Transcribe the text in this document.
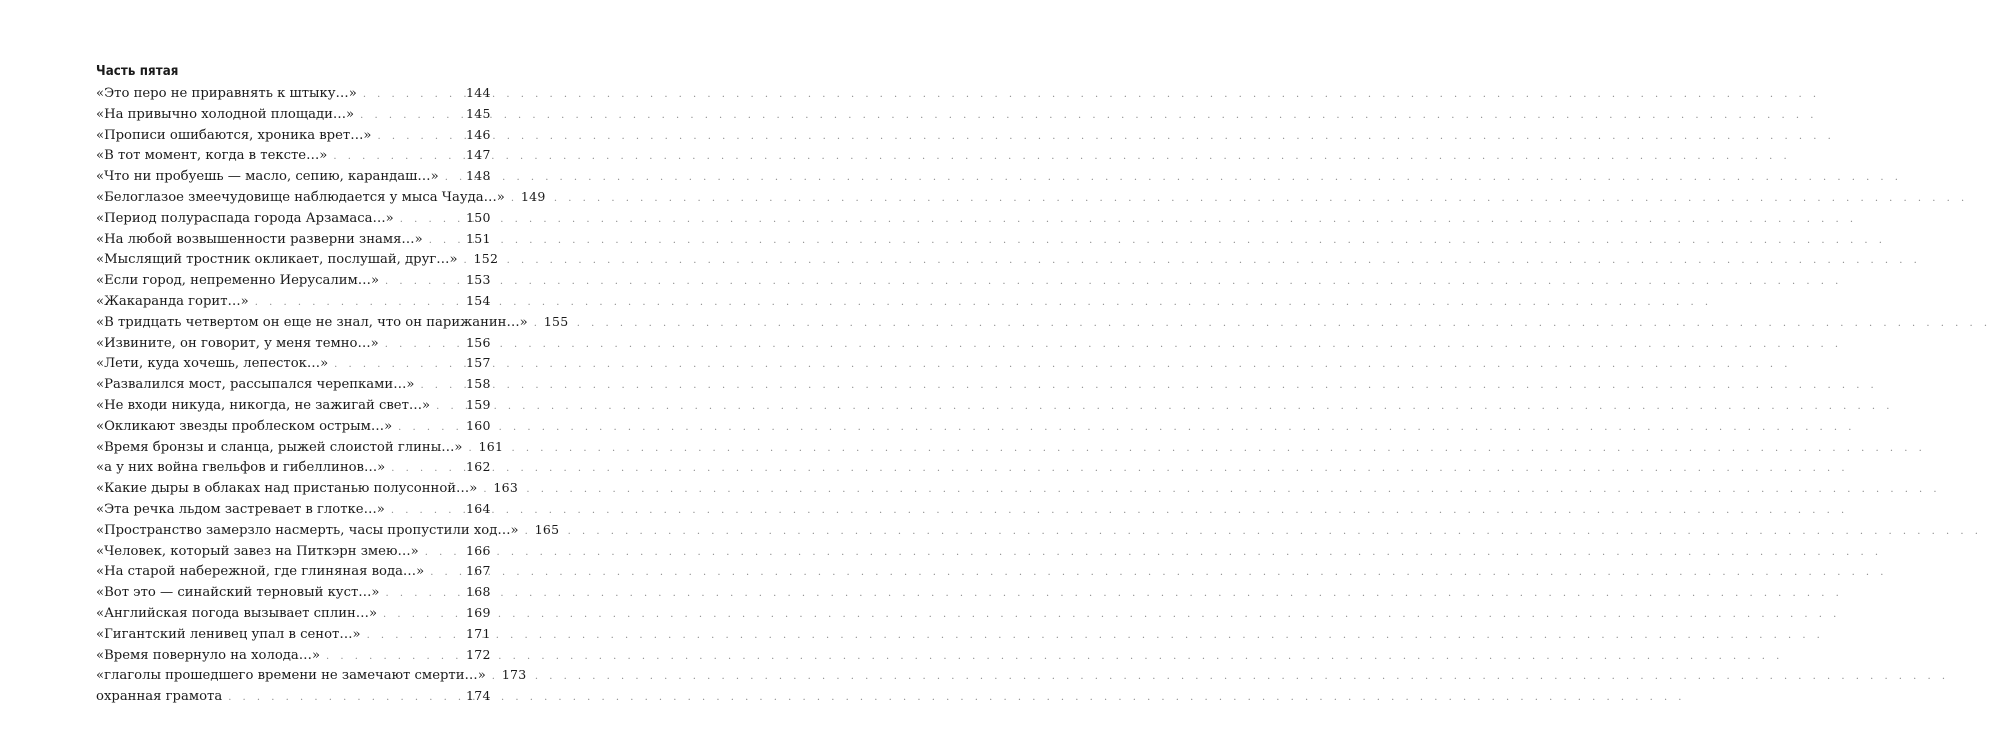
Часть пятая
«Это перо не приравнять к штыку…» . . .	144
«На привычно холодной площади…» . . .	145
«Прописи ошибаются, хроника врет…» . . .	146
«В тот момент, когда в тексте…» . . .	147
«Что ни пробуешь — масло, сепию, карандаш…» . . . 148
«Белоглазое змеечудовище наблюдается у мыса Чауда…» . . . 149
«Период полураспада города Арзамаса…» . . .	150
«На любой возвышенности разверни знамя…» . . .	151
«Мыслящий тростник окликает, послушай, друг…» . . . 152
«Если город, непременно Иерусалим…» . . .	153
«Жакаранда горит…» . . .	154
«В тридцать четвертом он еще не знал, что он парижанин…» . . . 155
«Извините, он говорит, у меня темно…» . . .	156
«Лети, куда хочешь, лепесток…» . . .	157
«Развалился мост, рассыпался черепками…» . . .	158
«Не входи никуда, никогда, не зажигай свет…» . . .	159
«Окликают звезды проблеском острым…» . . .	160
«Время бронзы и сланца, рыжей слоистой глины…» . . . 161
«а у них война гвельфов и гибеллинов…» . . .	162
«Какие дыры в облаках над пристанью полусонной…» . . . 163
«Эта речка льдом застревает в глотке…» . . .	164
«Пространство замерзло насмерть, часы пропустили ход…» . . . 165
«Человек, который завез на Питкэрн змею…» . . .	166
«На старой набережной, где глиняная вода…» . . .	167
«Вот это — синайский терновый куст…» . . .	168
«Английская погода вызывает сплин…» . . .	169
«Гигантский ленивец упал в сенот…» . . .	171
«Время повернуло на холода…» . . .	172
«глаголы прошедшего времени не замечают смерти…» . . . 173
охранная грамота . . .	174
